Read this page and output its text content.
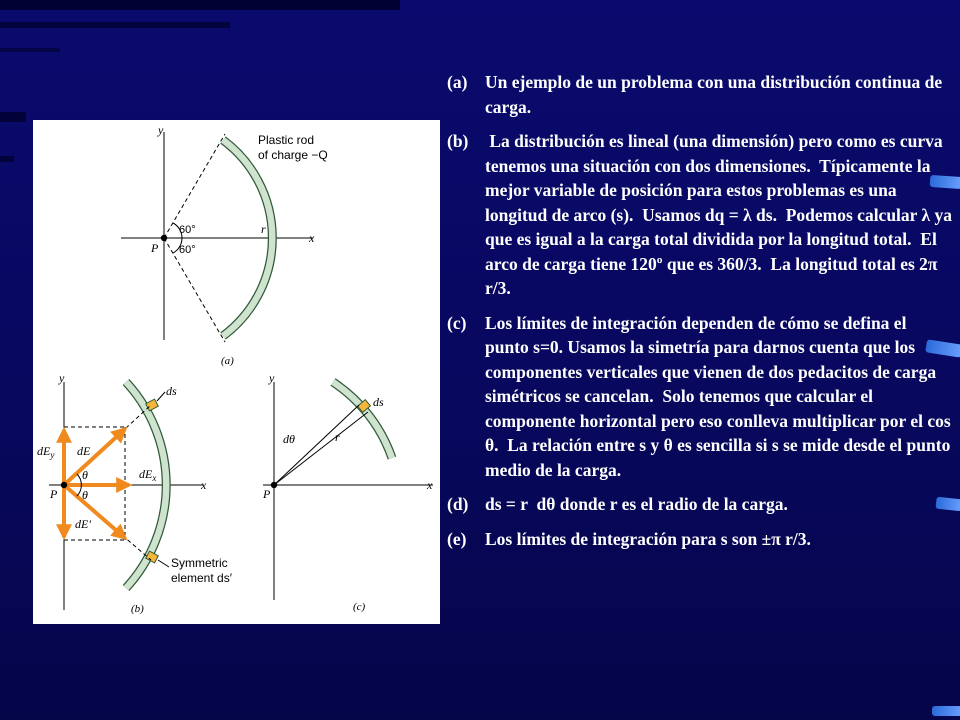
y
x
P
r
60°
60°
Plastic rod
of charge −Q
(a)
y
x
P
ds
dE
dE′
$dE_x$
$dE_y$
θ
θ
Symmetric
element ds′
(b)
y
x
P
ds
dθ	r
(c)
(a) Un ejemplo de un problema con una distribución continua de carga.
(b) La distribución es lineal (una dimensión) pero como es curva tenemos una situación con dos dimensiones.  Típicamente la mejor variable de posición para estos problemas es una longitud de arco (s).  Usamos dq = λ ds.  Podemos calcular λ ya que es igual a la carga total dividida por la longitud total.  El arco de carga tiene 120º que es 360/3.  La longitud total es 2π r/3.
(c) Los límites de integración dependen de cómo se defina el punto s=0. Usamos la simetría para darnos cuenta que los componentes verticales que vienen de dos pedacitos de carga simétricos se cancelan.  Solo tenemos que calcular el componente horizontal pero eso conlleva multiplicar por el cos θ.  La relación entre s y θ es sencilla si s se mide desde el punto medio de la carga.
(d) ds = r  dθ donde r es el radio de la carga.
(e) Los límites de integración para s son ±π r/3.
